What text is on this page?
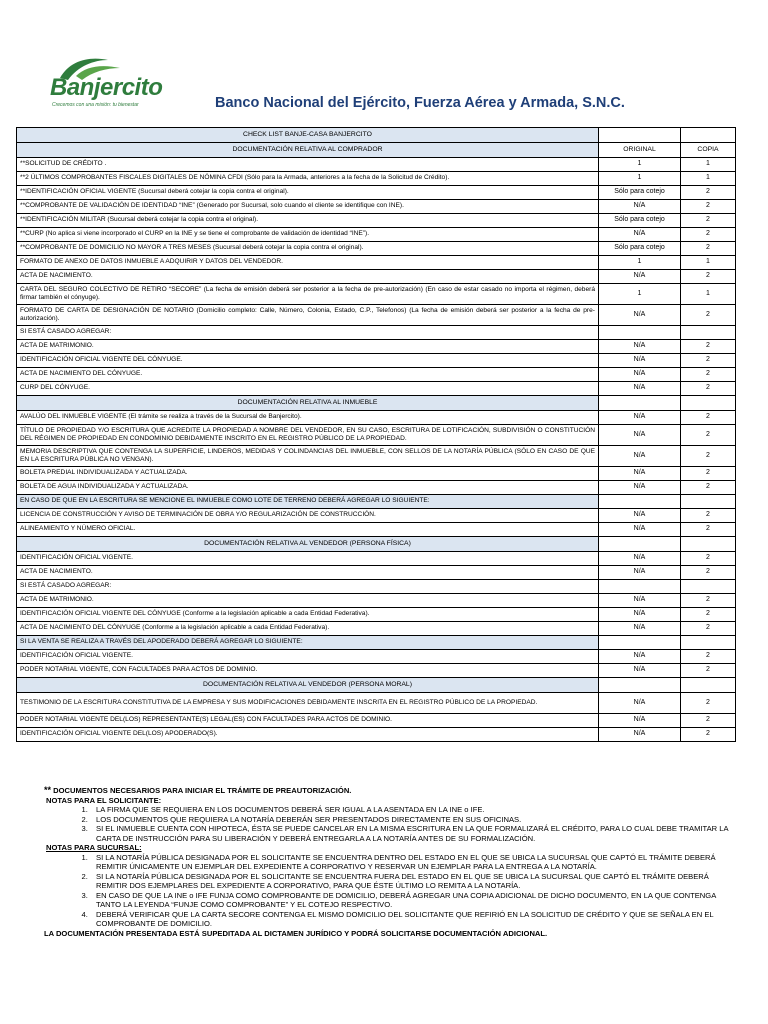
Banjercito
Crecemos con una misión: tu bienestar	Banco Nacional del Ejército, Fuerza Aérea y Armada, S.N.C.
CHECK LIST BANJE-CASA BANJERCITO		
DOCUMENTACIÓN RELATIVA AL COMPRADOR	ORIGINAL	COPIA
**SOLICITUD DE CRÉDITO .	1	1
**2 ÚLTIMOS COMPROBANTES FISCALES DIGITALES DE NÓMINA CFDI (Sólo para la Armada, anteriores a la fecha de la Solicitud de Crédito).	1	1
**IDENTIFICACIÓN OFICIAL VIGENTE (Sucursal deberá cotejar la copia contra el original).	Sólo para cotejo	2
**COMPROBANTE DE VALIDACIÓN DE IDENTIDAD “INE” (Generado por Sucursal, solo cuando el cliente se identifique con INE).	N/A	2
**IDENTIFICACIÓN MILITAR (Sucursal deberá cotejar la copia contra el original).	Sólo para cotejo	2
**CURP (No aplica si viene incorporado el CURP en la INE y se tiene el comprobante de validación de identidad “INE”).	N/A	2
**COMPROBANTE DE DOMICILIO NO MAYOR A TRES MESES (Sucursal deberá cotejar la copia contra el original).	Sólo para cotejo	2
FORMATO DE ANEXO DE DATOS INMUEBLE A ADQUIRIR Y DATOS DEL VENDEDOR.	1	1
ACTA DE NACIMIENTO.	N/A	2
CARTA DEL SEGURO COLECTIVO DE RETIRO “SECORE” (La fecha de emisión deberá ser posterior a la fecha de pre-autorización) (En caso de estar casado no importa el régimen, deberá firmar también el cónyuge).	1	1
FORMATO DE CARTA DE DESIGNACIÓN DE NOTARIO (Domicilio completo: Calle, Número, Colonia, Estado, C.P., Telefonos) (La fecha de emisión deberá ser posterior a la fecha de pre-autorización).	N/A	2
SI ESTÁ CASADO AGREGAR:		
ACTA DE MATRIMONIO.	N/A	2
IDENTIFICACIÓN OFICIAL VIGENTE DEL CÓNYUGE.	N/A	2
ACTA DE NACIMIENTO DEL CÓNYUGE.	N/A	2
CURP DEL CÓNYUGE.	N/A	2
DOCUMENTACIÓN RELATIVA AL INMUEBLE		
AVALÚO DEL INMUEBLE VIGENTE (El trámite se realiza a través de la Sucursal de Banjercito).	N/A	2
TÍTULO DE PROPIEDAD Y/O ESCRITURA QUE ACREDITE LA PROPIEDAD A NOMBRE DEL VENDEDOR, EN SU CASO, ESCRITURA DE LOTIFICACIÓN, SUBDIVISIÓN O CONSTITUCIÓN DEL RÉGIMEN DE PROPIEDAD EN CONDOMINIO DEBIDAMENTE INSCRITO EN EL REGISTRO PÚBLICO DE LA PROPIEDAD.	N/A	2
MEMORIA DESCRIPTIVA QUE CONTENGA LA SUPERFICIE, LINDEROS, MEDIDAS Y COLINDANCIAS DEL INMUEBLE, CON SELLOS DE LA NOTARÍA PÚBLICA (SÓLO EN CASO DE QUE EN LA ESCRITURA PÚBLICA NO VENGAN).	N/A	2
BOLETA PREDIAL INDIVIDUALIZADA Y ACTUALIZADA.	N/A	2
BOLETA DE AGUA INDIVIDUALIZADA Y ACTUALIZADA.	N/A	2
EN CASO DE QUE EN LA ESCRITURA SE MENCIONE EL INMUEBLE COMO LOTE DE TERRENO DEBERÁ AGREGAR LO SIGUIENTE:		
LICENCIA DE CONSTRUCCIÓN Y AVISO DE TERMINACIÓN DE OBRA Y/O REGULARIZACIÓN DE CONSTRUCCIÓN.	N/A	2
ALINEAMIENTO Y NÚMERO OFICIAL.	N/A	2
DOCUMENTACIÓN RELATIVA AL VENDEDOR (PERSONA FÍSICA)		
IDENTIFICACIÓN OFICIAL VIGENTE.	N/A	2
ACTA DE NACIMIENTO.	N/A	2
SI ESTÁ CASADO AGREGAR:		
ACTA DE MATRIMONIO.	N/A	2
IDENTIFICACIÓN OFICIAL VIGENTE DEL CÓNYUGE (Conforme a la legislación aplicable a cada Entidad Federativa).	N/A	2
ACTA DE NACIMIENTO DEL CÓNYUGE (Conforme a la legislación aplicable a cada Entidad Federativa).	N/A	2
SI LA VENTA SE REALIZA A TRAVÉS DEL APODERADO DEBERÁ AGREGAR LO SIGUIENTE:		
IDENTIFICACIÓN OFICIAL VIGENTE.	N/A	2
PODER NOTARIAL VIGENTE, CON FACULTADES PARA ACTOS DE DOMINIO.	N/A	2
DOCUMENTACIÓN RELATIVA AL VENDEDOR (PERSONA MORAL)		
TESTIMONIO DE LA ESCRITURA CONSTITUTIVA DE LA EMPRESA Y SUS MODIFICACIONES DEBIDAMENTE INSCRITA EN EL REGISTRO PÚBLICO DE LA PROPIEDAD.	N/A	2
PODER NOTARIAL VIGENTE DEL(LOS) REPRESENTANTE(S) LEGAL(ES) CON FACULTADES PARA ACTOS DE DOMINIO.	N/A	2
IDENTIFICACIÓN OFICIAL VIGENTE DEL(LOS) APODERADO(S).	N/A	2
** DOCUMENTOS NECESARIOS PARA INICIAR EL TRÁMITE DE PREAUTORIZACIÓN.
NOTAS PARA EL SOLICITANTE:
1. LA FIRMA QUE SE REQUIERA EN LOS DOCUMENTOS DEBERÁ SER IGUAL A LA ASENTADA EN LA INE o IFE.
2. LOS DOCUMENTOS QUE REQUIERA LA NOTARÍA DEBERÁN SER PRESENTADOS DIRECTAMENTE EN SUS OFICINAS.
3. SI EL INMUEBLE CUENTA CON HIPOTECA, ÉSTA SE PUEDE CANCELAR EN LA MISMA ESCRITURA EN LA QUE FORMALIZARÁ EL CRÉDITO, PARA LO CUAL DEBE TRAMITAR LA CARTA DE INSTRUCCIÓN PARA SU LIBERACIÓN Y DEBERÁ ENTREGARLA A LA NOTARÍA ANTES DE SU FORMALIZACIÓN.
NOTAS PARA SUCURSAL:
1. SI LA NOTARÍA PÚBLICA DESIGNADA POR EL SOLICITANTE SE ENCUENTRA DENTRO DEL ESTADO EN EL QUE SE UBICA LA SUCURSAL QUE CAPTÓ EL TRÁMITE DEBERÁ REMITIR ÚNICAMENTE UN EJEMPLAR DEL EXPEDIENTE A CORPORATIVO Y RESERVAR UN EJEMPLAR PARA LA ENTREGA A LA NOTARÍA.
2. SI LA NOTARÍA PÚBLICA DESIGNADA POR EL SOLICITANTE SE ENCUENTRA FUERA DEL ESTADO EN EL QUE SE UBICA LA SUCURSAL QUE CAPTÓ EL TRÁMITE DEBERÁ REMITIR DOS EJEMPLARES DEL EXPEDIENTE A CORPORATIVO, PARA QUE ÉSTE ÚLTIMO LO REMITA A LA NOTARÍA.
3. EN CASO DE QUE LA INE o IFE FUNJA COMO COMPROBANTE DE DOMICILIO, DEBERÁ AGREGAR UNA COPIA ADICIONAL DE DICHO DOCUMENTO, EN LA QUE CONTENGA TANTO LA LEYENDA “FUNJE COMO COMPROBANTE” Y EL COTEJO RESPECTIVO.
4. DEBERÁ VERIFICAR QUE LA CARTA SECORE CONTENGA EL MISMO DOMICILIO DEL SOLICITANTE QUE REFIRIÓ EN LA SOLICITUD DE CRÉDITO Y QUE SE SEÑALA EN EL COMPROBANTE DE DOMICILIO.
LA DOCUMENTACIÓN PRESENTADA ESTÁ SUPEDITADA AL DICTAMEN JURÍDICO Y PODRÁ SOLICITARSE DOCUMENTACIÓN ADICIONAL.
